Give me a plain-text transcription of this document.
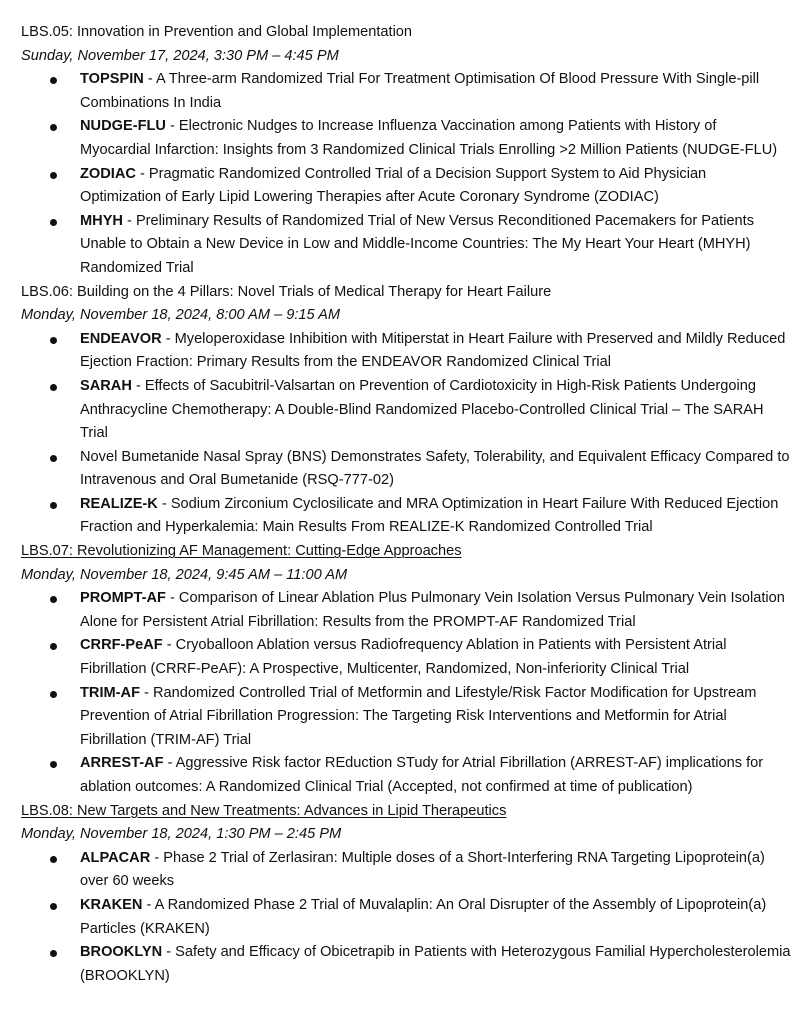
LBS.05: Innovation in Prevention and Global Implementation

Sunday, November 17, 2024, 3:30 PM – 4:45 PM

TOPSPIN - A Three-arm Randomized Trial For Treatment Optimisation Of Blood Pressure With Single-pill Combinations In India
NUDGE-FLU - Electronic Nudges to Increase Influenza Vaccination among Patients with History of Myocardial Infarction: Insights from 3 Randomized Clinical Trials Enrolling >2 Million Patients (NUDGE-FLU)
ZODIAC - Pragmatic Randomized Controlled Trial of a Decision Support System to Aid Physician Optimization of Early Lipid Lowering Therapies after Acute Coronary Syndrome (ZODIAC)
MHYH - Preliminary Results of Randomized Trial of New Versus Reconditioned Pacemakers for Patients Unable to Obtain a New Device in Low and Middle-Income Countries: The My Heart Your Heart (MHYH) Randomized Trial

LBS.06: Building on the 4 Pillars: Novel Trials of Medical Therapy for Heart Failure

Monday, November 18, 2024, 8:00 AM – 9:15 AM

ENDEAVOR - Myeloperoxidase Inhibition with Mitiperstat in Heart Failure with Preserved and Mildly Reduced Ejection Fraction: Primary Results from the ENDEAVOR Randomized Clinical Trial
SARAH - Effects of Sacubitril-Valsartan on Prevention of Cardiotoxicity in High-Risk Patients Undergoing Anthracycline Chemotherapy: A Double-Blind Randomized Placebo-Controlled Clinical Trial – The SARAH Trial
Novel Bumetanide Nasal Spray (BNS) Demonstrates Safety, Tolerability, and Equivalent Efficacy Compared to Intravenous and Oral Bumetanide (RSQ-777-02)
REALIZE-K - Sodium Zirconium Cyclosilicate and MRA Optimization in Heart Failure With Reduced Ejection Fraction and Hyperkalemia: Main Results From REALIZE-K Randomized Controlled Trial

LBS.07: Revolutionizing AF Management: Cutting-Edge Approaches

Monday, November 18, 2024, 9:45 AM – 11:00 AM

PROMPT-AF - Comparison of Linear Ablation Plus Pulmonary Vein Isolation Versus Pulmonary Vein Isolation Alone for Persistent Atrial Fibrillation: Results from the PROMPT-AF Randomized Trial
CRRF-PeAF - Cryoballoon Ablation versus Radiofrequency Ablation in Patients with Persistent Atrial Fibrillation (CRRF-PeAF): A Prospective, Multicenter, Randomized, Non-inferiority Clinical Trial
TRIM-AF - Randomized Controlled Trial of Metformin and Lifestyle/Risk Factor Modification for Upstream Prevention of Atrial Fibrillation Progression: The Targeting Risk Interventions and Metformin for Atrial Fibrillation (TRIM-AF) Trial
ARREST-AF - Aggressive Risk factor REduction STudy for Atrial Fibrillation (ARREST-AF) implications for ablation outcomes: A Randomized Clinical Trial (Accepted, not confirmed at time of publication)

LBS.08: New Targets and New Treatments: Advances in Lipid Therapeutics

Monday, November 18, 2024, 1:30 PM – 2:45 PM

ALPACAR - Phase 2 Trial of Zerlasiran: Multiple doses of a Short-Interfering RNA Targeting Lipoprotein(a) over 60 weeks
KRAKEN - A Randomized Phase 2 Trial of Muvalaplin: An Oral Disrupter of the Assembly of Lipoprotein(a) Particles (KRAKEN)
BROOKLYN - Safety and Efficacy of Obicetrapib in Patients with Heterozygous Familial Hypercholesterolemia (BROOKLYN)
